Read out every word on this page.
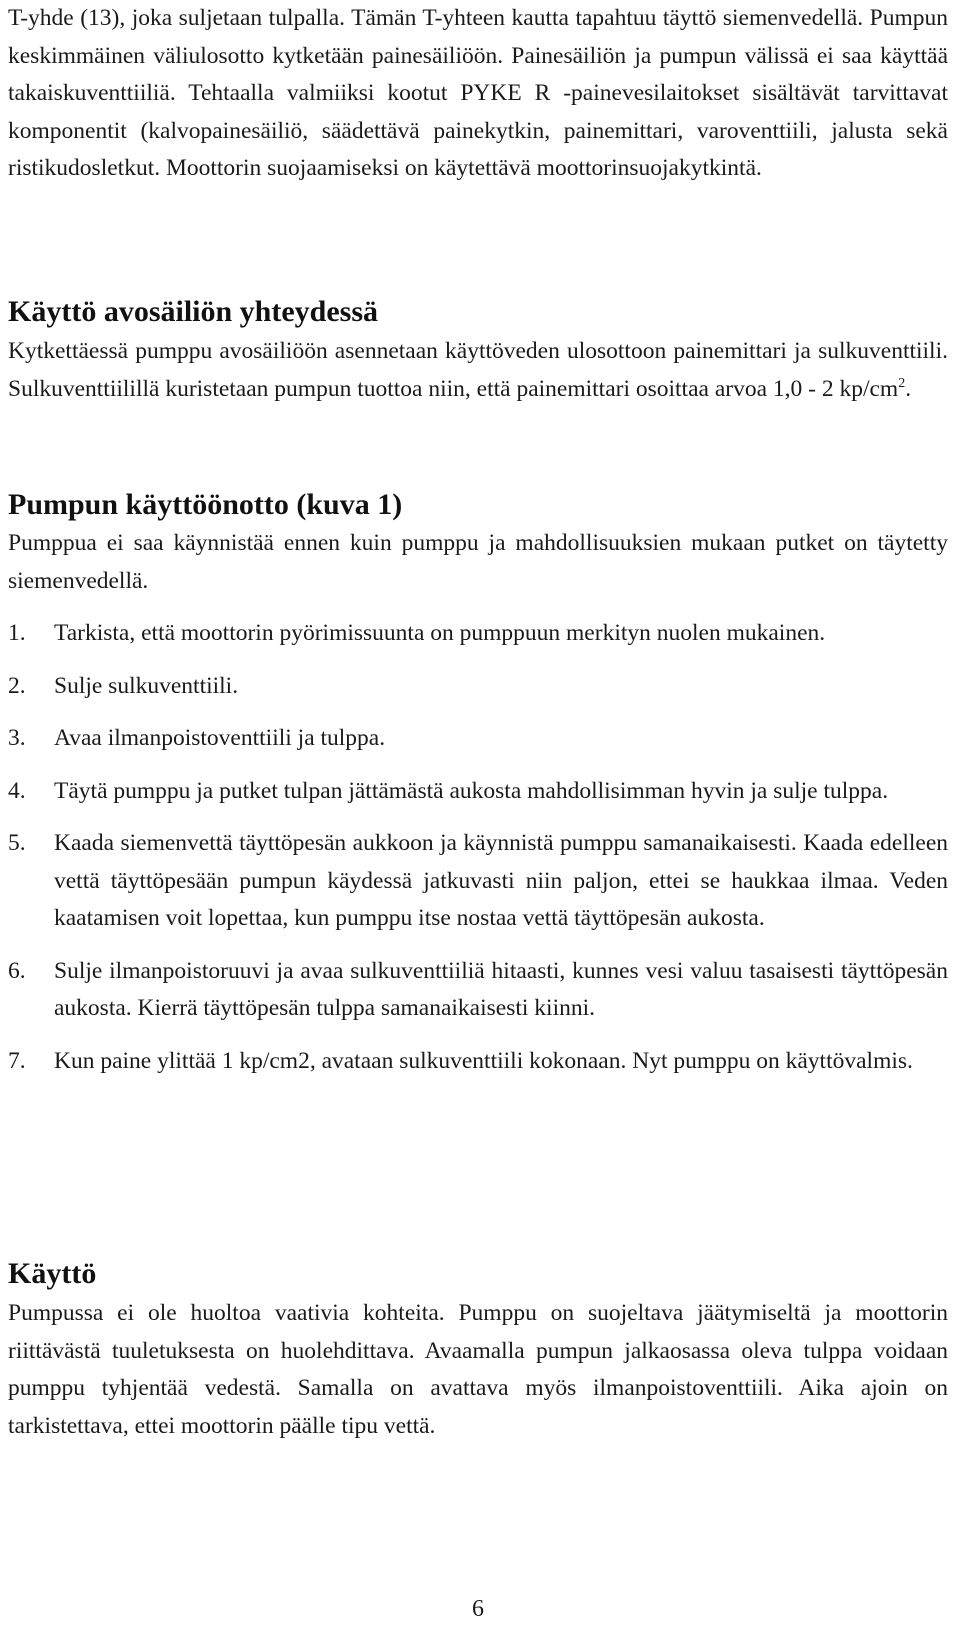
T-yhde (13), joka suljetaan tulpalla. Tämän T-yhteen kautta tapahtuu täyttö siemenvedellä. Pumpun keskimmäinen väliulosotto kytketään painesäiliöön. Painesäiliön ja pumpun välissä ei saa käyttää takaiskuventtiiliä. Tehtaalla valmiiksi kootut PYKE R -painevesilaitokset sisältävät tarvittavat komponentit (kalvopainesäiliö, säädettävä painekytkin, painemittari, varoventtiili, jalusta sekä ristikudosletkut. Moottorin suojaamiseksi on käytettävä moottorinsuojakytkintä.

Käyttö avosäiliön yhteydessä

Kytkettäessä pumppu avosäiliöön asennetaan käyttöveden ulosottoon painemittari ja sulkuventtiili. Sulkuventtiilillä kuristetaan pumpun tuottoa niin, että painemittari osoittaa arvoa 1,0 - 2 $kp/cm^2$.

Pumpun käyttöönotto (kuva 1)

Pumppua ei saa käynnistää ennen kuin pumppu ja mahdollisuuksien mukaan putket on täytetty siemenvedellä.

1. Tarkista, että moottorin pyörimissuunta on pumppuun merkityn nuolen mukainen.
2. Sulje sulkuventtiili.
3. Avaa ilmanpoistoventtiili ja tulppa.
4. Täytä pumppu ja putket tulpan jättämästä aukosta mahdollisimman hyvin ja sulje tulppa.
5. Kaada siemenvettä täyttöpesän aukkoon ja käynnistä pumppu samanaikaisesti. Kaada edelleen vettä täyttöpesään pumpun käydessä jatkuvasti niin paljon, ettei se haukkaa ilmaa. Veden kaatamisen voit lopettaa, kun pumppu itse nostaa vettä täyttöpesän aukosta.
6. Sulje ilmanpoistoruuvi ja avaa sulkuventtiiliä hitaasti, kunnes vesi valuu tasaisesti täyttöpesän aukosta. Kierrä täyttöpesän tulppa samanaikaisesti kiinni.
7. Kun paine ylittää 1 kp/cm2, avataan sulkuventtiili kokonaan. Nyt pumppu on käyttövalmis.
Käyttö

Pumpussa ei ole huoltoa vaativia kohteita. Pumppu on suojeltava jäätymiseltä ja moottorin riittävästä tuuletuksesta on huolehdittava. Avaamalla pumpun jalkaosassa oleva tulppa voidaan pumppu tyhjentää vedestä. Samalla on avattava myös ilmanpoistoventtiili. Aika ajoin on tarkistettava, ettei moottorin päälle tipu vettä.

6
